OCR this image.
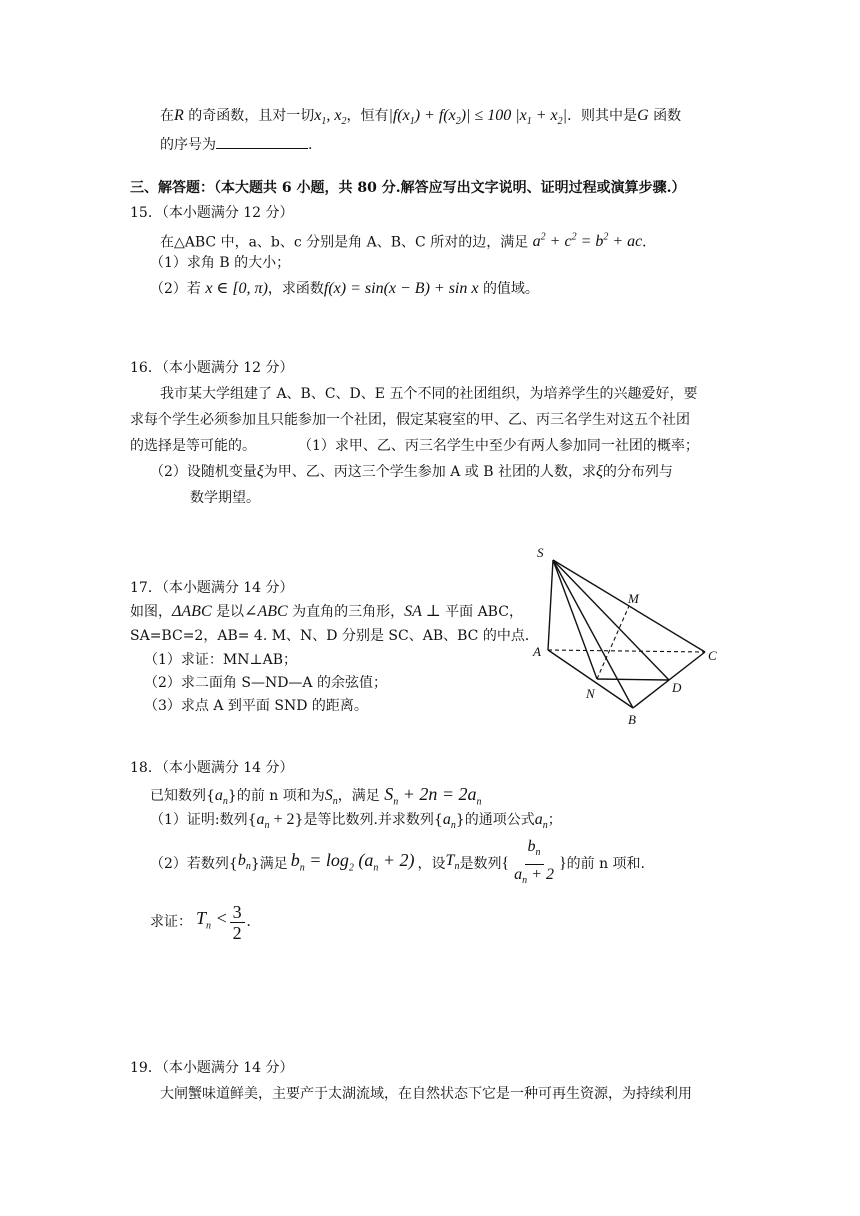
在R 的奇函数，且对一切$x_1$, $x_2$，恒有$|f(x_1) + f(x_2)| \le 100$ $|x_1 + x_2|$．则其中是G 函数
的序号为	.
三、解答题：（本大题共 6 小题，共 80 分.解答应写出文字说明、证明过程或演算步骤.）
15．（本小题满分 12 分）
在△ABC 中，a、b、c 分别是角 A、B、C 所对的边，满足 $a^2 + c^2 = b^2$ + ac.
（1）求角 B 的大小；
（2）若 x ∈ [0, π)，求函数f(x) = sin(x − B) + sin x 的值域。
16．（本小题满分 12 分）
我市某大学组建了 A、B、C、D、E 五个不同的社团组织，为培养学生的兴趣爱好，要
求每个学生必须参加且只能参加一个社团，假定某寝室的甲、乙、丙三名学生对这五个社团
的选择是等可能的。	（1）求甲、乙、丙三名学生中至少有两人参加同一社团的概率；
（2）设随机变量ξ为甲、乙、丙这三个学生参加 A 或 B 社团的人数，求ξ的分布列与
数学期望。
17．（本小题满分 14 分）
如图，ΔABC 是以∠ABC 为直角的三角形，SA ⊥ 平面 ABC，
SA=BC=2，AB= 4. M、N、D 分别是 SC、AB、BC 的中点．
（1）求证：MN⊥AB；
（2）求二面角 S—ND—A 的余弦值；
（3）求点 A 到平面 SND 的距离。
S
M
A	C
N	D
B
18．（本小题满分 14 分）
已知数列$\{a_n\}$的前 n 项和为$S_n$，满足 $S_n + 2n = 2a_n$
（1）证明:数列$\{a_n + 2\}$是等比数列.并求数列$\{a_n\}$的通项公式$a_n$；
（2）若数列{ $b_n$ }满足 $b_n = \log_2 (a_n + 2)$ ，设 $T_n$ 是数列 { $\frac{b_n}{a_n + 2}$ } 的前 n 项和.
求证： $T_n < \frac{3}{2}$ .
19．（本小题满分 14 分）
大闸蟹味道鲜美，主要产于太湖流域，在自然状态下它是一种可再生资源，为持续利用
